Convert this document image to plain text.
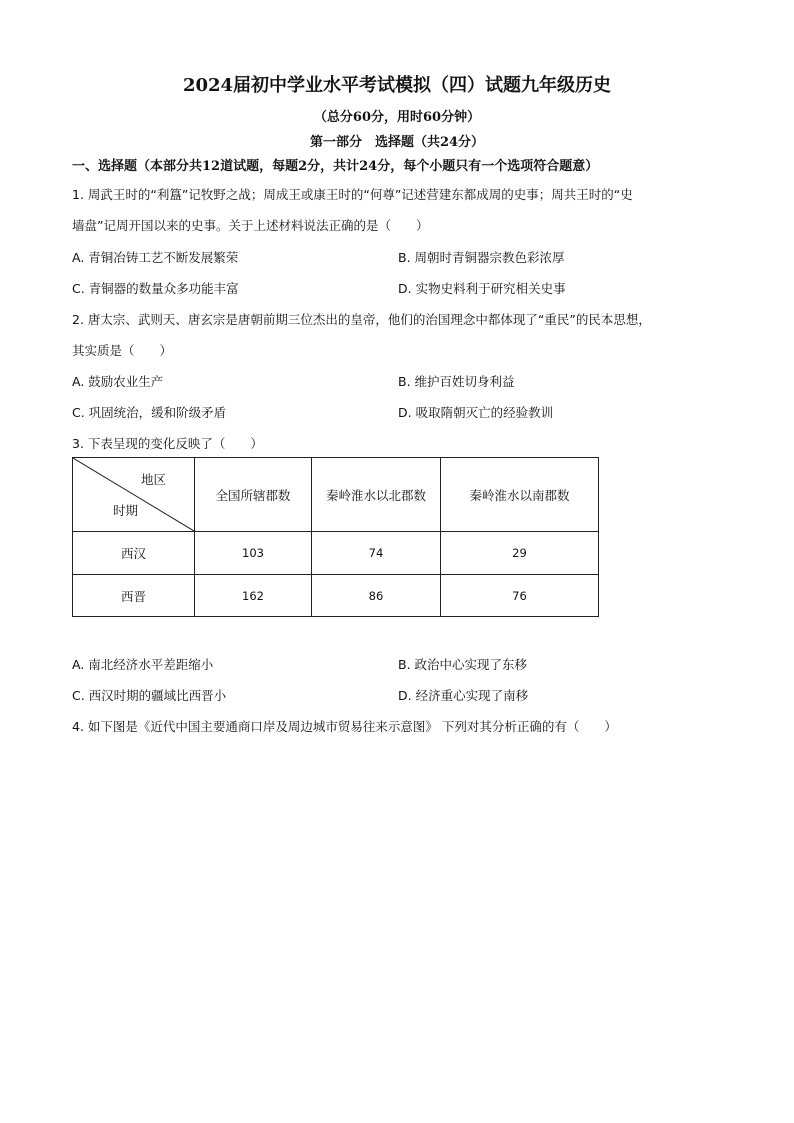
2024届初中学业水平考试模拟（四）试题九年级历史
（总分60分，用时60分钟）
第一部分　选择题（共24分）
一、选择题（本部分共12道试题，每题2分，共计24分，每个小题只有一个选项符合题意）
1. 周武王时的“利簋”记牧野之战；周成王或康王时的“何尊”记述营建东都成周的史事；周共王时的“史
墙盘”记周开国以来的史事。关于上述材料说法正确的是（　　）
A. 青铜冶铸工艺不断发展繁荣	B. 周朝时青铜器宗教色彩浓厚
C. 青铜器的数量众多功能丰富	D. 实物史料利于研究相关史事
2. 唐太宗、武则天、唐玄宗是唐朝前期三位杰出的皇帝，他们的治国理念中都体现了“重民”的民本思想，
其实质是（　　）
A. 鼓励农业生产	B. 维护百姓切身利益
C. 巩固统治，缓和阶级矛盾	D. 吸取隋朝灭亡的经验教训
3. 下表呈现的变化反映了（　　）
地区
时期	全国所辖郡数	秦岭淮水以北郡数	秦岭淮水以南郡数
西汉	103	74	29
西晋	162	86	76
A. 南北经济水平差距缩小	B. 政治中心实现了东移
C. 西汉时期的疆域比西晋小	D. 经济重心实现了南移
4. 如下图是《近代中国主要通商口岸及周边城市贸易往来示意图》 下列对其分析正确的有（　　）
